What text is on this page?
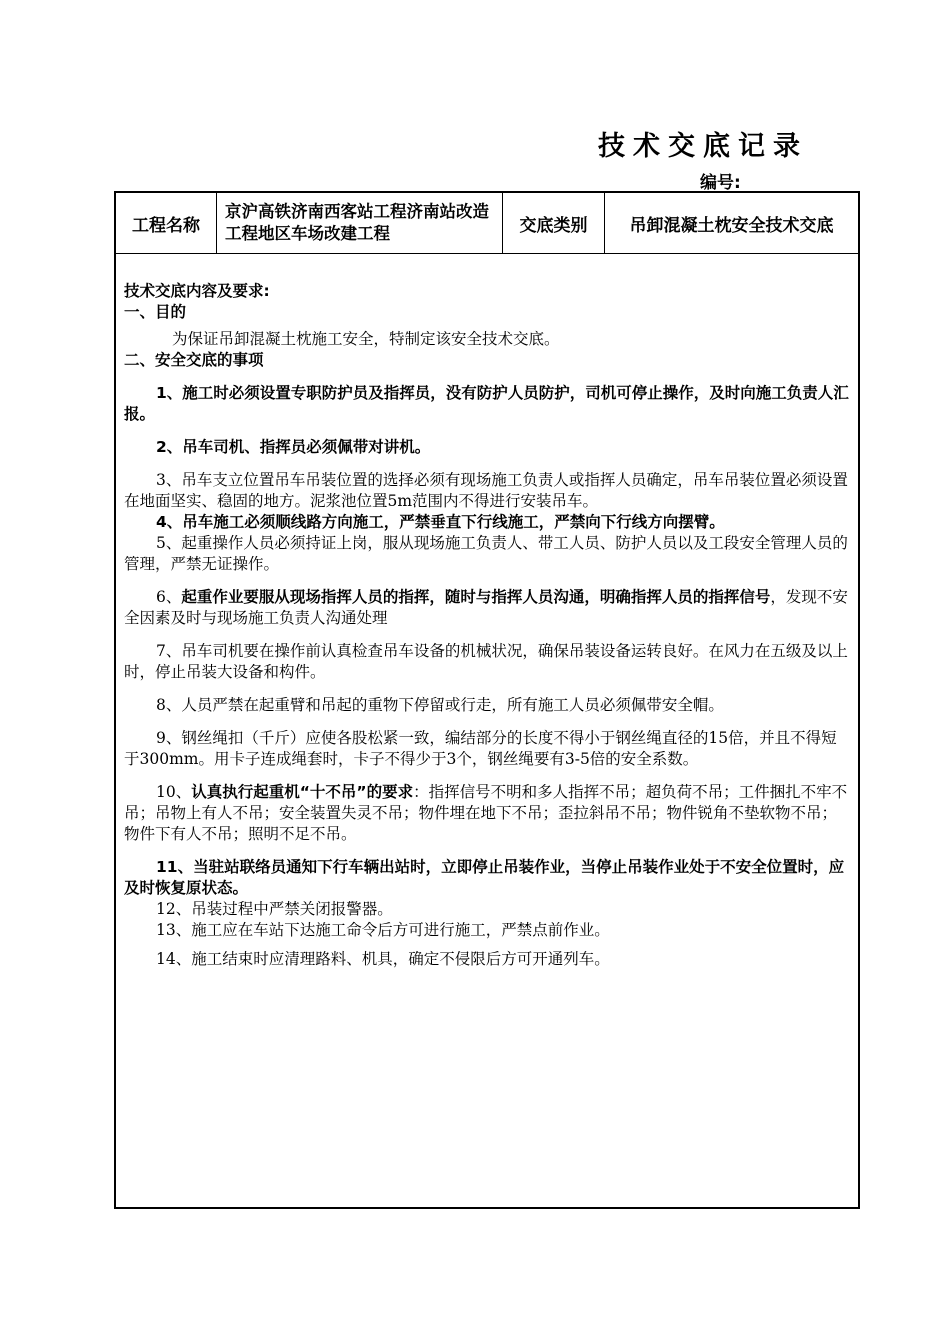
技术交底记录
编号:
工程名称
京沪高铁济南西客站工程济南站改造工程地区车场改建工程	交底类别	吊卸混凝土枕安全技术交底

技术交底内容及要求:

一、目的

为保证吊卸混凝土枕施工安全，特制定该安全技术交底。

二、安全交底的事项

1、施工时必须设置专职防护员及指挥员，没有防护人员防护，司机可停止操作，及时向施工负责人汇报。

2、吊车司机、指挥员必须佩带对讲机。

3、吊车支立位置吊车吊装位置的选择必须有现场施工负责人或指挥人员确定，吊车吊装位置必须设置在地面坚实、稳固的地方。泥浆池位置5m范围内不得进行安装吊车。

4、吊车施工必须顺线路方向施工，严禁垂直下行线施工，严禁向下行线方向摆臂。

5、起重操作人员必须持证上岗，服从现场施工负责人、带工人员、防护人员以及工段安全管理人员的管理，严禁无证操作。

6、起重作业要服从现场指挥人员的指挥，随时与指挥人员沟通，明确指挥人员的指挥信号，发现不安全因素及时与现场施工负责人沟通处理

7、吊车司机要在操作前认真检查吊车设备的机械状况，确保吊装设备运转良好。在风力在五级及以上时，停止吊装大设备和构件。

8、人员严禁在起重臂和吊起的重物下停留或行走，所有施工人员必须佩带安全帽。

9、钢丝绳扣（千斤）应使各股松紧一致，编结部分的长度不得小于钢丝绳直径的15倍，并且不得短于300mm。用卡子连成绳套时，卡子不得少于3个，钢丝绳要有3-5倍的安全系数。

10、认真执行起重机“十不吊”的要求：指挥信号不明和多人指挥不吊；超负荷不吊；工件捆扎不牢不吊；吊物上有人不吊；安全装置失灵不吊；物件埋在地下不吊；歪拉斜吊不吊；物件锐角不垫软物不吊；物件下有人不吊；照明不足不吊。

11、当驻站联络员通知下行车辆出站时，立即停止吊装作业，当停止吊装作业处于不安全位置时，应及时恢复原状态。

12、吊装过程中严禁关闭报警器。

13、施工应在车站下达施工命令后方可进行施工，严禁点前作业。

14、施工结束时应清理路料、机具，确定不侵限后方可开通列车。
